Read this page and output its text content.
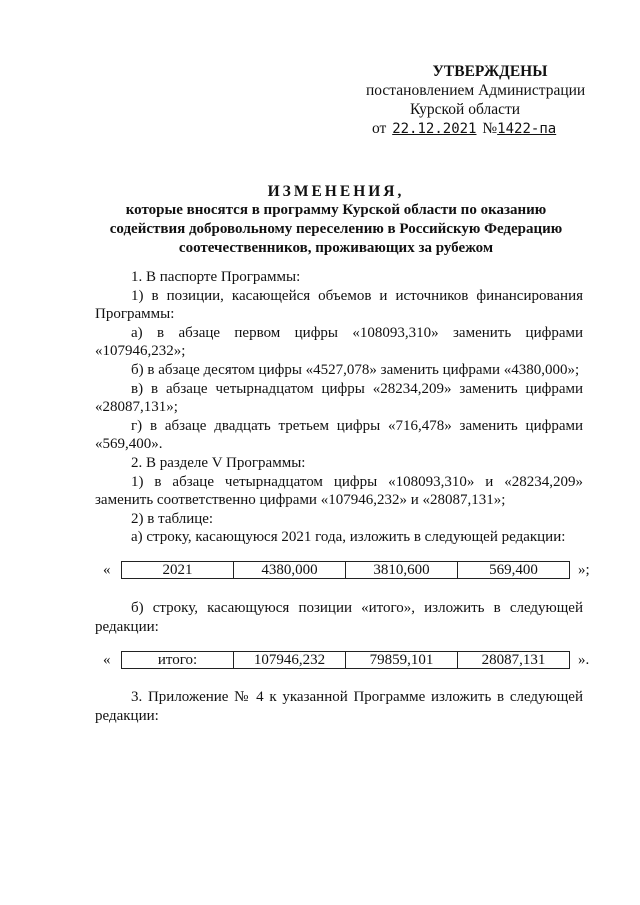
УТВЕРЖДЕНЫ
постановлением Администрации
Курской области
от 22.12.2021 №1422-па
ИЗМЕНЕНИЯ,
которые вносятся в программу Курской области по оказанию
содействия добровольному переселению в Российскую Федерацию
соотечественников, проживающих за рубежом

1. В паспорте Программы:

1) в позиции, касающейся объемов и источников финансирования Программы:

а) в абзаце первом цифры «108093,310» заменить цифрами «107946,232»;

б) в абзаце десятом цифры «4527,078» заменить цифрами «4380,000»;

в) в абзаце четырнадцатом цифры «28234,209» заменить цифрами «28087,131»;

г) в абзаце двадцать третьем цифры «716,478» заменить цифрами «569,400».

2. В разделе V Программы:

1) в абзаце четырнадцатом цифры «108093,310» и «28234,209» заменить соответственно цифрами «107946,232» и «28087,131»;

2) в таблице:

а) строку, касающуюся 2021 года, изложить в следующей редакции:

«	2021	4380,000	3810,600	569,400	»;

б) строку, касающуюся позиции «итого», изложить в следующей редакции:

«	итого:	107946,232	79859,101	28087,131	».

3. Приложение № 4 к указанной Программе изложить в следующей редакции:
